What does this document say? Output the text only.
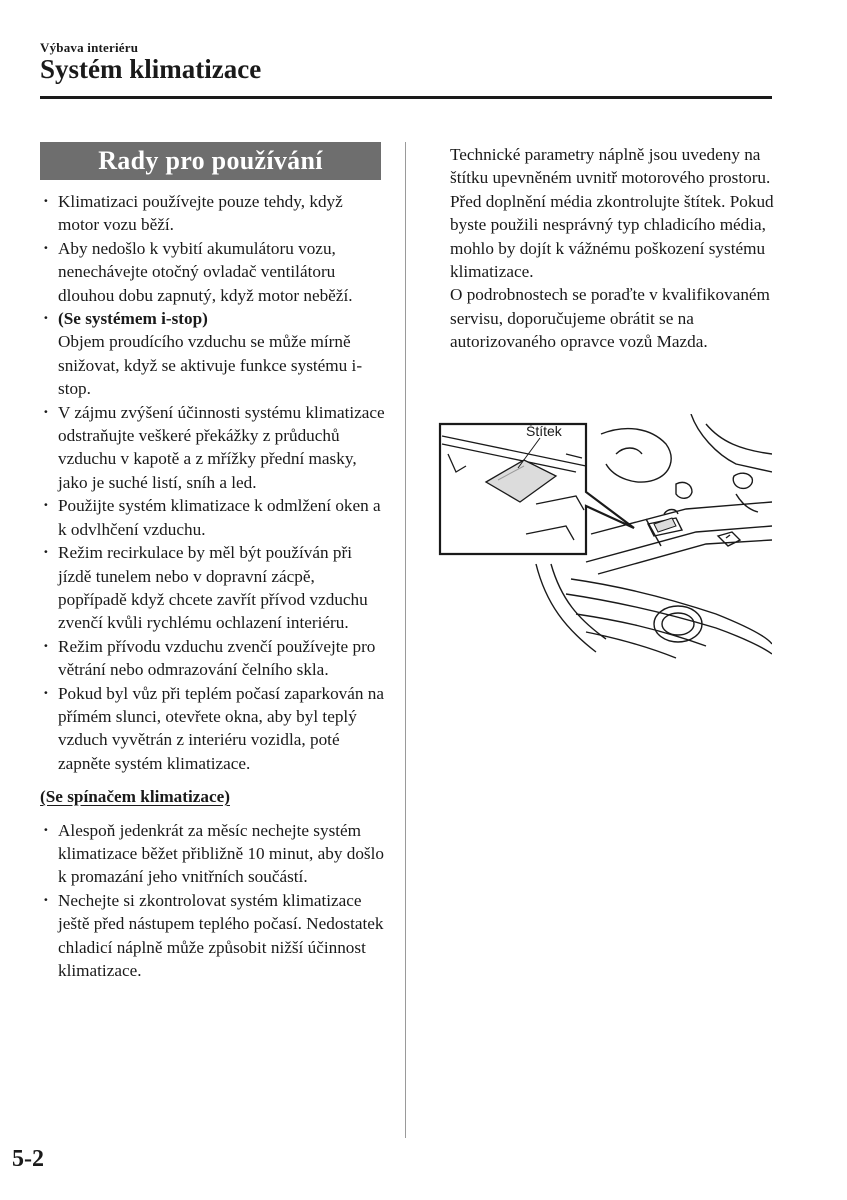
Výbava interiéru
Systém klimatizace
Rady pro používání
· Klimatizaci používejte pouze tehdy, když motor vozu běží.
· Aby nedošlo k vybití akumulátoru vozu, nenechávejte otočný ovladač ventilátoru dlouhou dobu zapnutý, když motor neběží.
· (Se systémem i-stop)
Objem proudícího vzduchu se může mírně snižovat, když se aktivuje funkce systému i-stop.
· V zájmu zvýšení účinnosti systému klimatizace odstraňujte veškeré překážky z průduchů vzduchu v kapotě a z mřížky přední masky, jako je suché listí, sníh a led.
· Použijte systém klimatizace k odmlžení oken a k odvlhčení vzduchu.
· Režim recirkulace by měl být používán při jízdě tunelem nebo v dopravní zácpě, popřípadě když chcete zavřít přívod vzduchu zvenčí kvůli rychlému ochlazení interiéru.
· Režim přívodu vzduchu zvenčí používejte pro větrání nebo odmrazování čelního skla.
· Pokud byl vůz při teplém počasí zaparkován na přímém slunci, otevřete okna, aby byl teplý vzduch vyvětrán z interiéru vozidla, poté zapněte systém klimatizace.
(Se spínačem klimatizace)
· Alespoň jedenkrát za měsíc nechejte systém klimatizace běžet přibližně 10 minut, aby došlo k promazání jeho vnitřních součástí.
· Nechejte si zkontrolovat systém klimatizace ještě před nástupem teplého počasí. Nedostatek chladicí náplně může způsobit nižší účinnost klimatizace.

Technické parametry náplně jsou uvedeny na štítku upevněném uvnitř motorového prostoru. Před doplnění média zkontrolujte štítek. Pokud byste použili nesprávný typ chladicího média, mohlo by dojít k vážnému poškození systému klimatizace.

O podrobnostech se poraďte v kvalifikovaném servisu, doporučujeme obrátit se na autorizovaného opravce vozů Mazda.

Štítek
5-2
